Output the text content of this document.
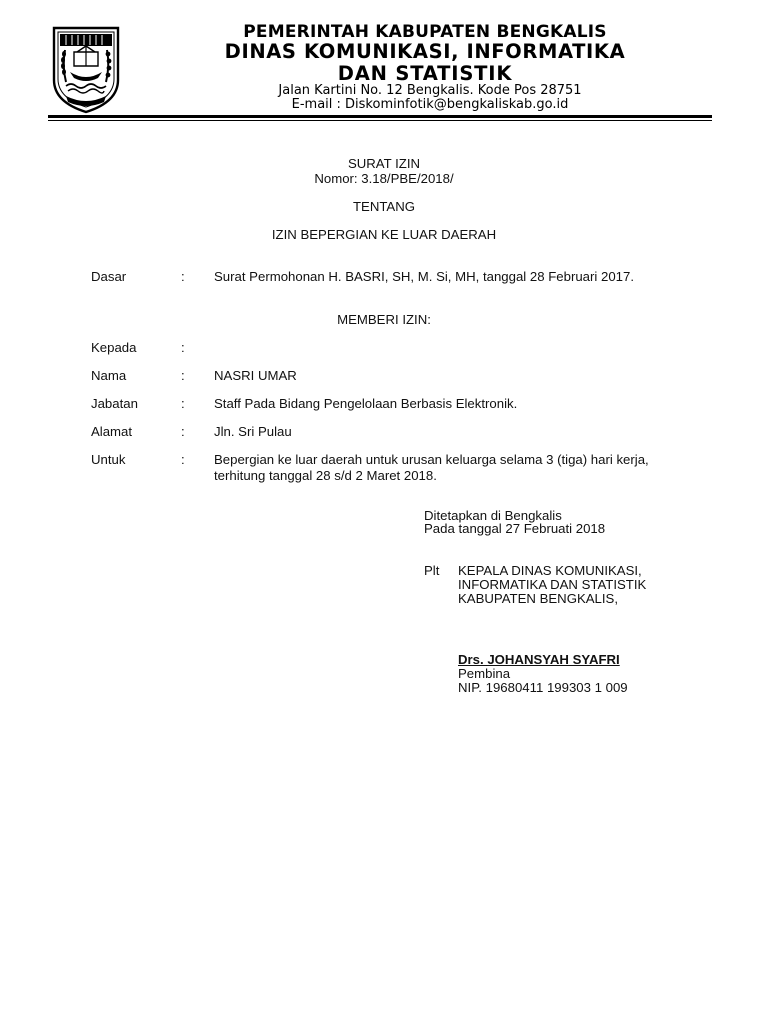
PEMERINTAH KABUPATEN BENGKALIS
DINAS KOMUNIKASI, INFORMATIKA
DAN STATISTIK
Jalan Kartini No. 12 Bengkalis. Kode Pos 28751
E-mail : Diskominfotik@bengkaliskab.go.id
SURAT IZIN
Nomor: 3.18/PBE/2018/
TENTANG
IZIN BEPERGIAN KE LUAR DAERAH
Dasar	: Surat Permohonan H. BASRI, SH, M. Si, MH, tanggal 28 Februari 2017.
MEMBERI IZIN:
Kepada	:
Nama	: NASRI UMAR
Jabatan	: Staff Pada Bidang Pengelolaan Berbasis Elektronik.
Alamat	: Jln. Sri Pulau
Untuk	: Bepergian ke luar daerah untuk urusan keluarga selama 3 (tiga) hari kerja, terhitung tanggal 28 s/d 2 Maret 2018.
Ditetapkan di Bengkalis
Pada tanggal 27 Februati 2018
Plt KEPALA DINAS KOMUNIKASI,
INFORMATIKA DAN STATISTIK
KABUPATEN BENGKALIS,
Drs. JOHANSYAH SYAFRI
Pembina
NIP. 19680411 199303 1 009
